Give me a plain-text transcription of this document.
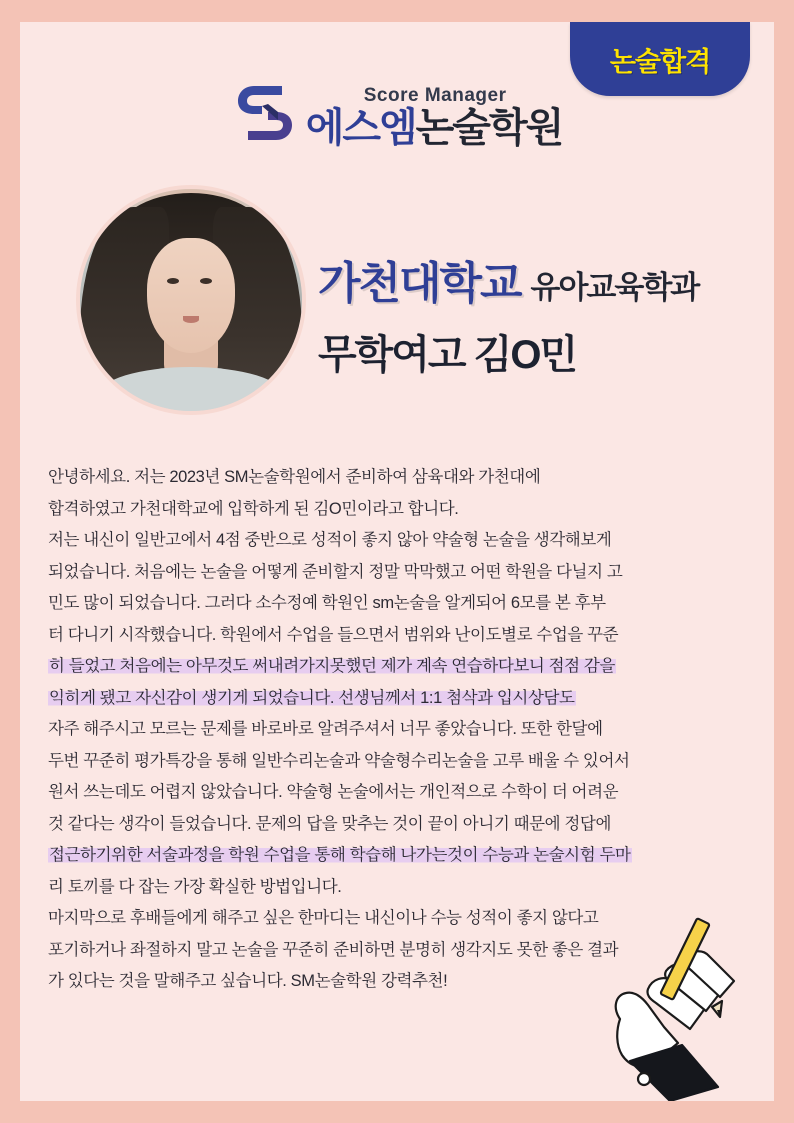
논술합격
Score Manager
에스엠논술학원
가천대학교 유아교육학과
무학여고 김O민

안녕하세요. 저는 2023년 SM논술학원에서 준비하여 삼육대와 가천대에

합격하였고 가천대학교에 입학하게 된 김O민이라고 합니다.

저는 내신이 일반고에서 4점 중반으로 성적이 좋지 않아 약술형 논술을 생각해보게

되었습니다. 처음에는 논술을 어떻게 준비할지 정말 막막했고 어떤 학원을 다닐지 고

민도 많이 되었습니다. 그러다 소수정예 학원인 sm논술을 알게되어 6모를 본 후부

터 다니기 시작했습니다. 학원에서 수업을 들으면서 범위와 난이도별로 수업을 꾸준

히 들었고 처음에는 아무것도 써내려가지못했던 제가 계속 연습하다보니 점점 감을

익히게 됐고 자신감이 생기게 되었습니다. 선생님께서 1:1 첨삭과 입시상담도

자주 해주시고 모르는 문제를 바로바로 알려주셔서 너무 좋았습니다. 또한 한달에

두번 꾸준히 평가특강을 통해 일반수리논술과 약술형수리논술을 고루 배울 수 있어서

원서 쓰는데도 어렵지 않았습니다. 약술형 논술에서는 개인적으로 수학이 더 어려운

것 같다는 생각이 들었습니다. 문제의 답을 맞추는 것이 끝이 아니기 때문에 정답에

접근하기위한 서술과정을 학원 수업을 통해 학습해 나가는것이 수능과 논술시험 두마

리 토끼를 다 잡는 가장 확실한 방법입니다.

마지막으로 후배들에게 해주고 싶은 한마디는 내신이나 수능 성적이 좋지 않다고

포기하거나 좌절하지 말고 논술을 꾸준히 준비하면 분명히 생각지도 못한 좋은 결과

가 있다는 것을 말해주고 싶습니다. SM논술학원 강력추천!
